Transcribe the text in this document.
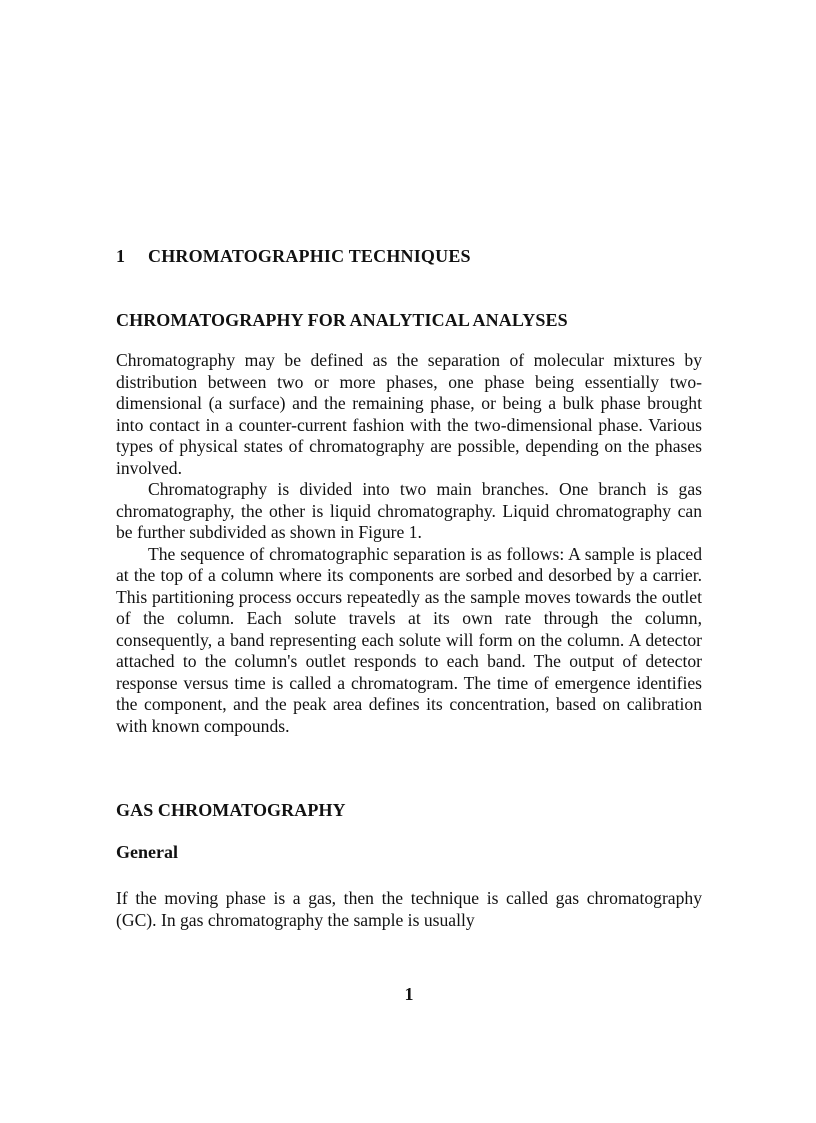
1 CHROMATOGRAPHIC TECHNIQUES
CHROMATOGRAPHY FOR ANALYTICAL ANALYSES

Chromatography may be defined as the separation of molecular mixtures by distribution between two or more phases, one phase being essentially two-dimensional (a surface) and the remaining phase, or being a bulk phase brought into contact in a counter-current fashion with the two-dimensional phase. Various types of physical states of chromatography are possible, depending on the phases involved.

Chromatography is divided into two main branches. One branch is gas chromatography, the other is liquid chromatography. Liquid chromatography can be further subdivided as shown in Figure 1.

The sequence of chromatographic separation is as follows: A sample is placed at the top of a column where its components are sorbed and desorbed by a carrier. This partitioning process occurs repeatedly as the sample moves towards the outlet of the column. Each solute travels at its own rate through the column, consequently, a band representing each solute will form on the column. A detector attached to the column's outlet responds to each band. The output of detector response versus time is called a chromatogram. The time of emergence identifies the component, and the peak area defines its concentration, based on calibration with known compounds.

GAS CHROMATOGRAPHY
General

If the moving phase is a gas, then the technique is called gas chromatography (GC). In gas chromatography the sample is usually

1
